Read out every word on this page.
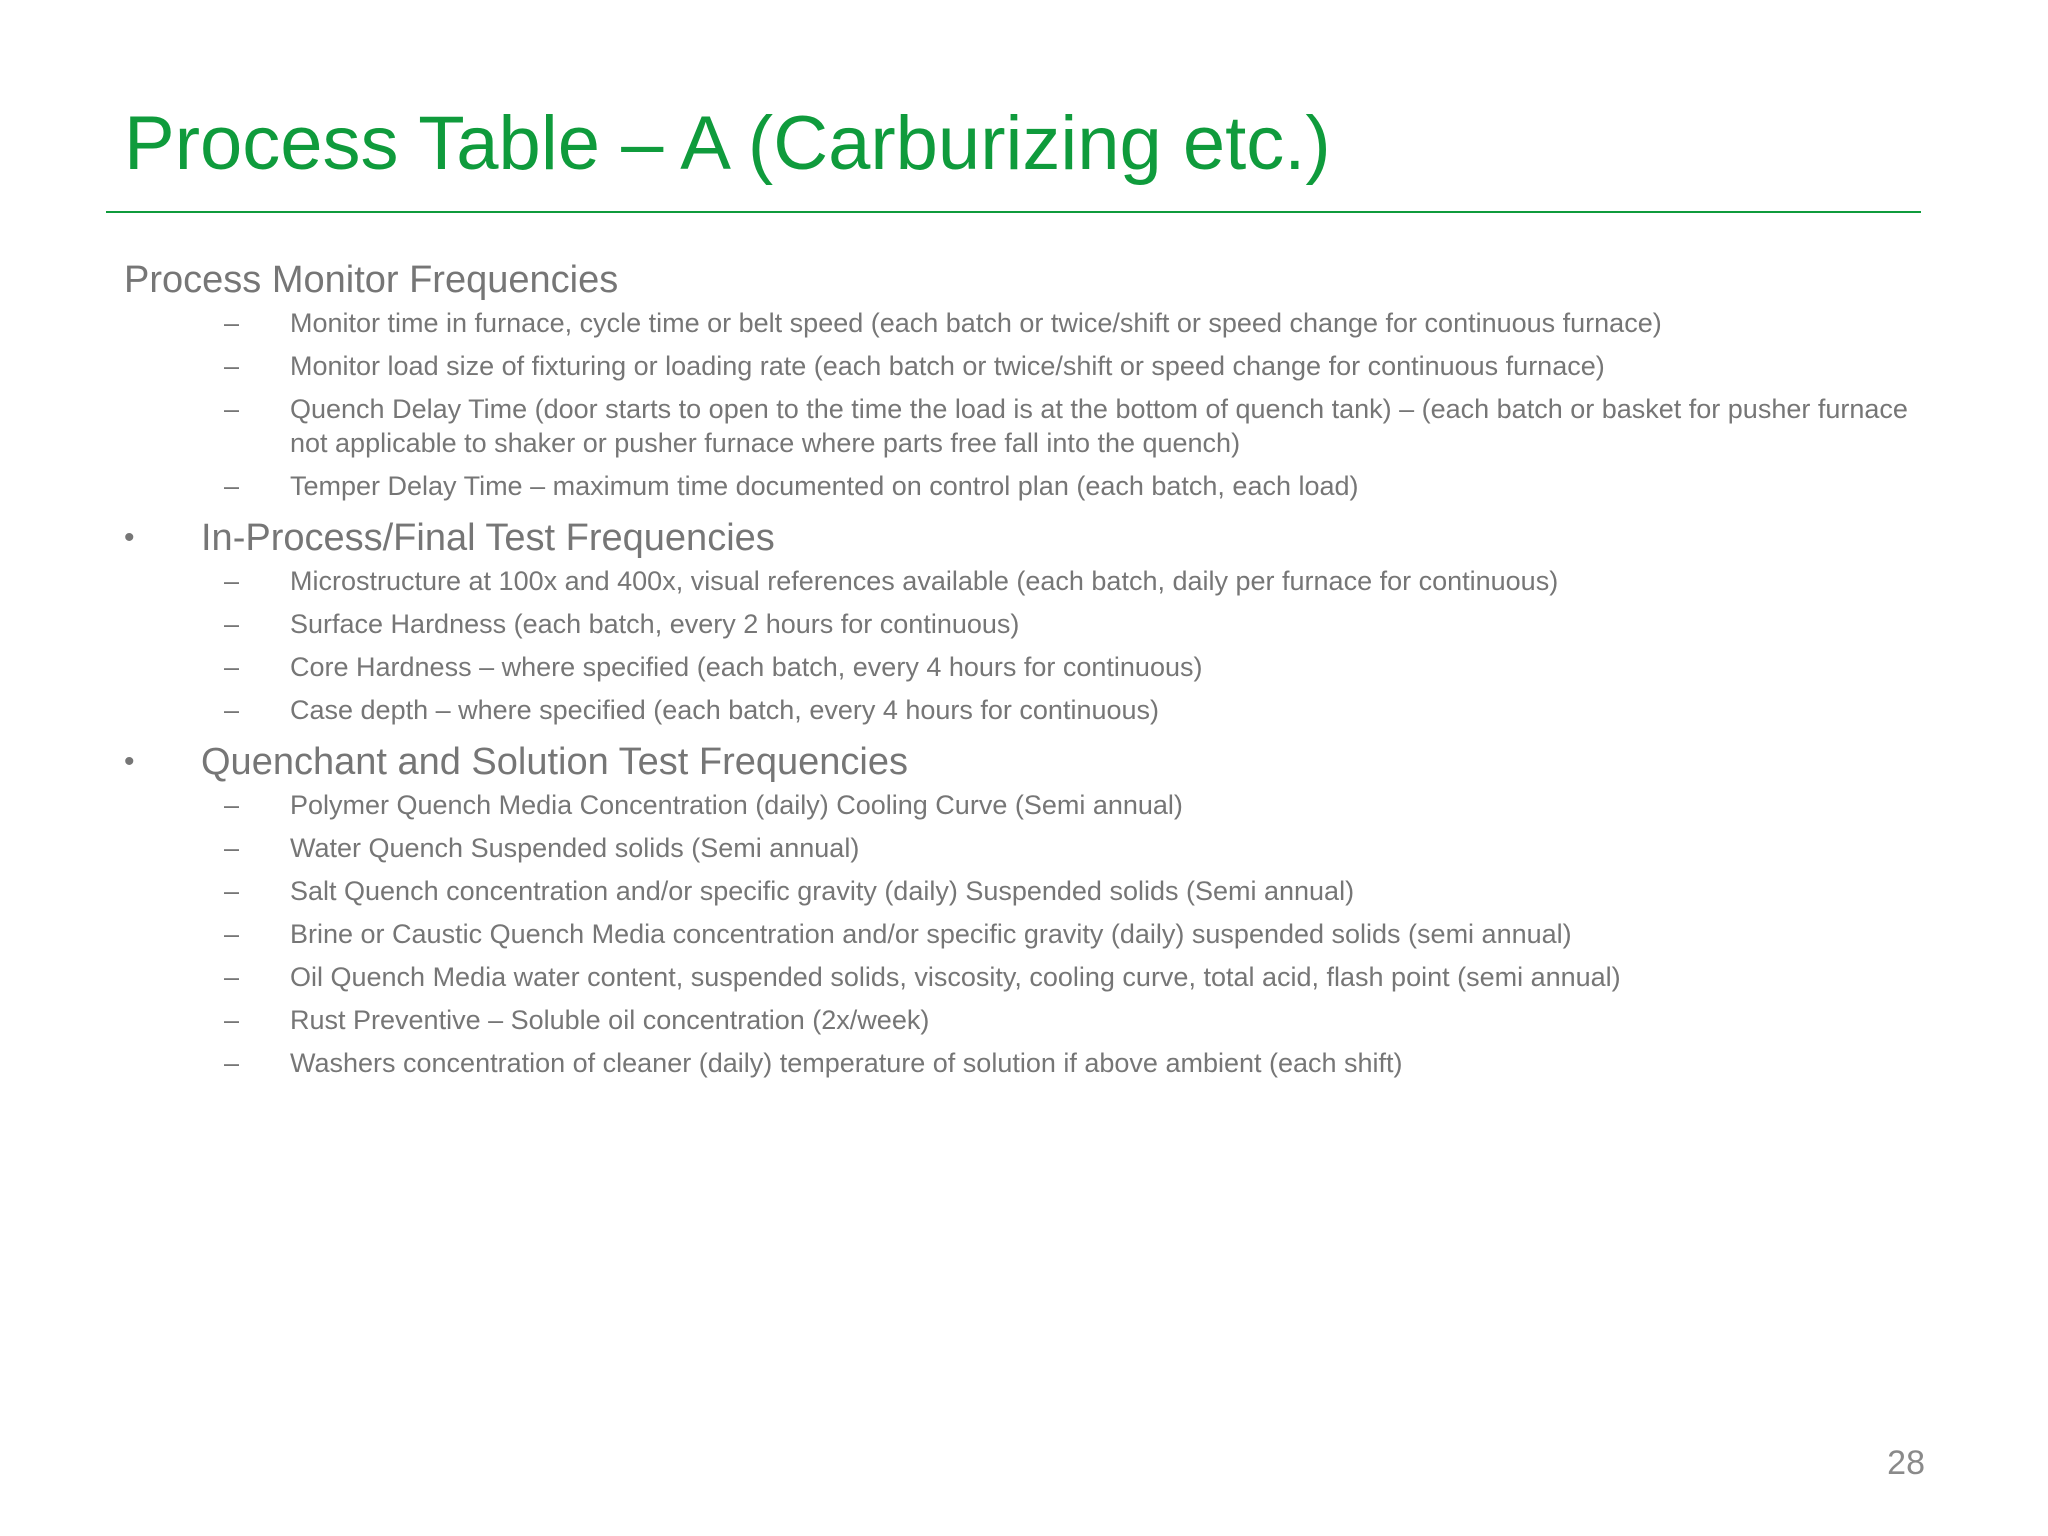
Process Table – A (Carburizing etc.)
Process Monitor Frequencies
– Monitor time in furnace, cycle time or belt speed (each batch or twice/shift or speed change for continuous furnace)
– Monitor load size of fixturing or loading rate (each batch or twice/shift or speed change for continuous furnace)
– Quench Delay Time (door starts to open to the time the load is at the bottom of quench tank) – (each batch or basket for pusher furnace not applicable to shaker or pusher furnace where parts free fall into the quench)
– Temper Delay Time – maximum time documented on control plan (each batch, each load)
• In-Process/Final Test Frequencies
– Microstructure at 100x and 400x, visual references available (each batch, daily per furnace for continuous)
– Surface Hardness (each batch, every 2 hours for continuous)
– Core Hardness – where specified (each batch, every 4 hours for continuous)
– Case depth – where specified (each batch, every 4 hours for continuous)
• Quenchant and Solution Test Frequencies
– Polymer Quench Media Concentration (daily) Cooling Curve (Semi annual)
– Water Quench Suspended solids (Semi annual)
– Salt Quench concentration and/or specific gravity (daily) Suspended solids (Semi annual)
– Brine or Caustic Quench Media concentration and/or specific gravity (daily) suspended solids (semi annual)
– Oil Quench Media water content, suspended solids, viscosity, cooling curve, total acid, flash point (semi annual)
– Rust Preventive – Soluble oil concentration (2x/week)
– Washers concentration of cleaner (daily) temperature of solution if above ambient (each shift)
28
